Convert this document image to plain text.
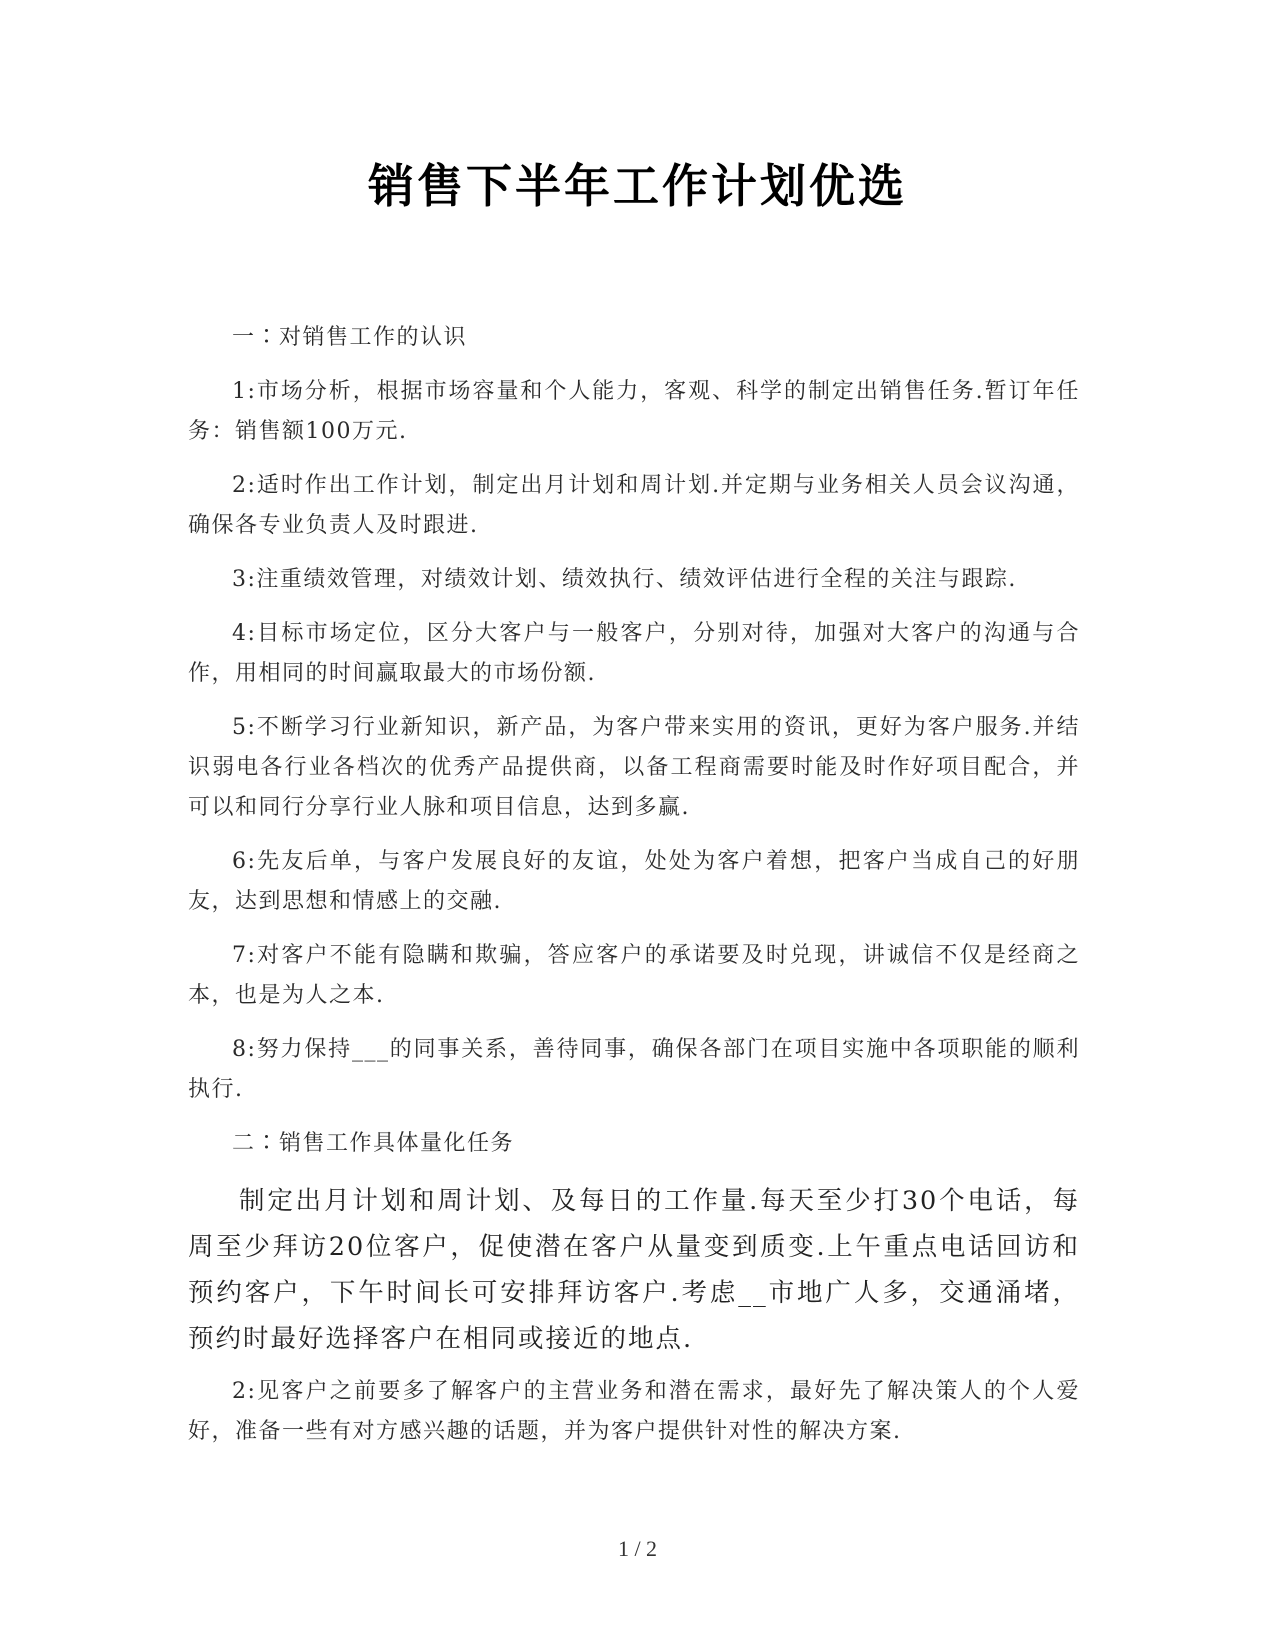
销售下半年工作计划优选

一∶对销售工作的认识

1:市场分析，根据市场容量和个人能力，客观、科学的制定出销售任务.暂订年任务：销售额100万元.

2:适时作出工作计划，制定出月计划和周计划.并定期与业务相关人员会议沟通，确保各专业负责人及时跟进.

3:注重绩效管理，对绩效计划、绩效执行、绩效评估进行全程的关注与跟踪.

4:目标市场定位，区分大客户与一般客户，分别对待，加强对大客户的沟通与合作，用相同的时间赢取最大的市场份额.

5:不断学习行业新知识，新产品，为客户带来实用的资讯，更好为客户服务.并结识弱电各行业各档次的优秀产品提供商，以备工程商需要时能及时作好项目配合，并可以和同行分享行业人脉和项目信息，达到多赢.

6:先友后单，与客户发展良好的友谊，处处为客户着想，把客户当成自己的好朋友，达到思想和情感上的交融.

7:对客户不能有隐瞒和欺骗，答应客户的承诺要及时兑现，讲诚信不仅是经商之本，也是为人之本.

8:努力保持___的同事关系，善待同事，确保各部门在项目实施中各项职能的顺利执行.

二∶销售工作具体量化任务

制定出月计划和周计划、及每日的工作量.每天至少打30个电话，每周至少拜访20位客户，促使潜在客户从量变到质变.上午重点电话回访和预约客户，下午时间长可安排拜访客户.考虑__市地广人多，交通涌堵，预约时最好选择客户在相同或接近的地点.

2:见客户之前要多了解客户的主营业务和潜在需求，最好先了解决策人的个人爱好，准备一些有对方感兴趣的话题，并为客户提供针对性的解决方案.

1 / 2
